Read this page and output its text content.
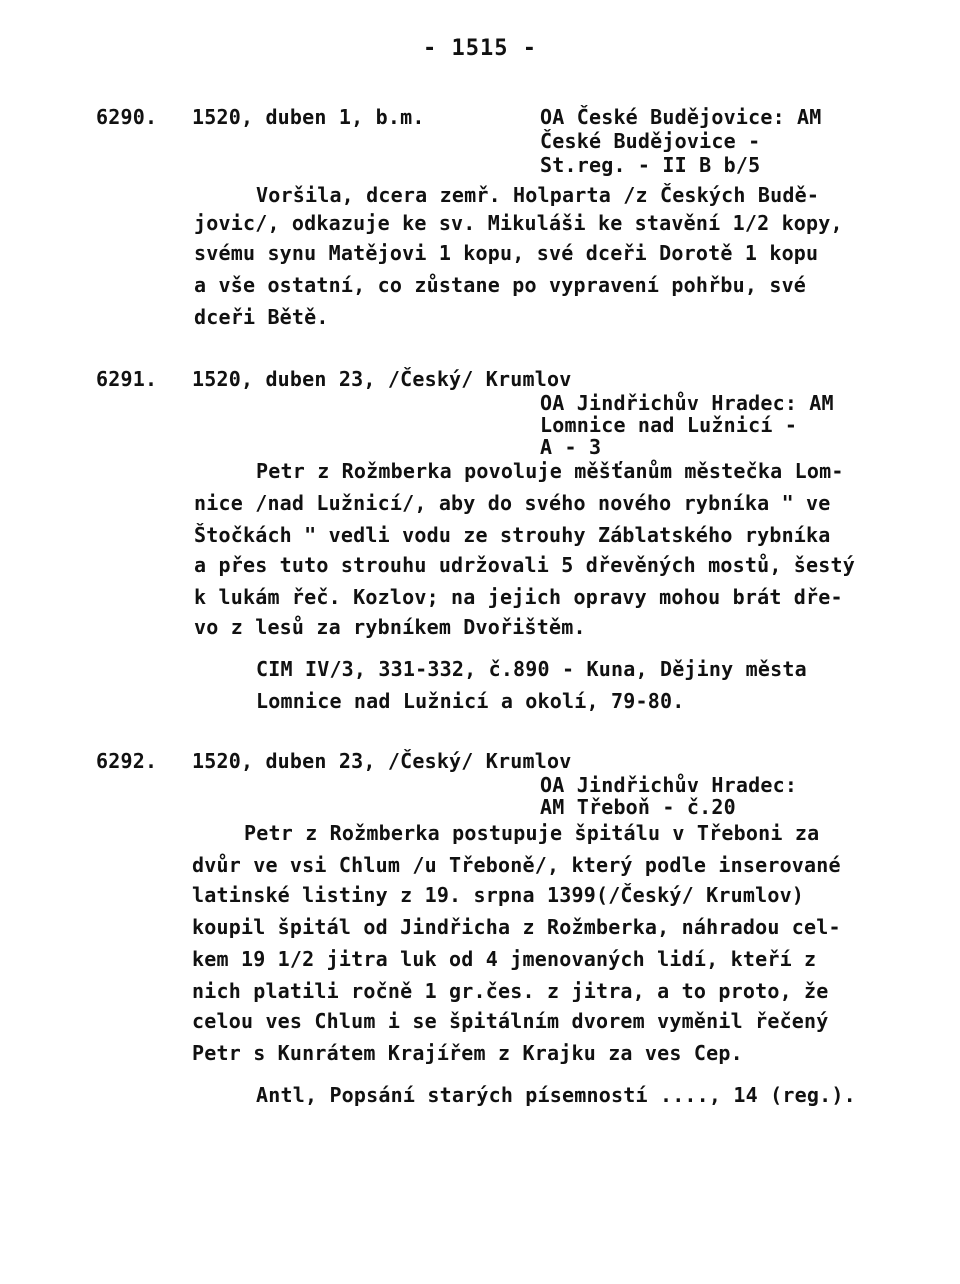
- 1515 -
6290. 1520, duben 1, b.m.	OA České Budějovice: AM
České Budějovice -
St.reg. - II B b/5
Voršila, dcera zemř. Holparta /z Českých Budě-
jovic/, odkazuje ke sv. Mikuláši ke stavění 1/2 kopy,
svému synu Matějovi 1 kopu, své dceři Dorotě 1 kopu
a vše ostatní, co zůstane po vypravení pohřbu, své
dceři Bětě.
6291. 1520, duben 23, /Český/ Krumlov
OA Jindřichův Hradec: AM
Lomnice nad Lužnicí -
A - 3
Petr z Rožmberka povoluje měšťanům městečka Lom-
nice /nad Lužnicí/, aby do svého nového rybníka " ve
Štočkách " vedli vodu ze strouhy Záblatského rybníka
a přes tuto strouhu udržovali 5 dřevěných mostů, šestý
k lukám řeč. Kozlov; na jejich opravy mohou brát dře-
vo z lesů za rybníkem Dvořištěm.
CIM IV/3, 331-332, č.890 - Kuna, Dějiny města
Lomnice nad Lužnicí a okolí, 79-80.
6292. 1520, duben 23, /Český/ Krumlov
OA Jindřichův Hradec:
AM Třeboň - č.20
Petr z Rožmberka postupuje špitálu v Třeboni za
dvůr ve vsi Chlum /u Třeboně/, který podle inserované
latinské listiny z 19. srpna 1399(/Český/ Krumlov)
koupil špitál od Jindřicha z Rožmberka, náhradou cel-
kem 19 1/2 jitra luk od 4 jmenovaných lidí, kteří z
nich platili ročně 1 gr.čes. z jitra, a to proto, že
celou ves Chlum i se špitálním dvorem vyměnil řečený
Petr s Kunrátem Krajířem z Krajku za ves Cep.
Antl, Popsání starých písemností ...., 14 (reg.).
